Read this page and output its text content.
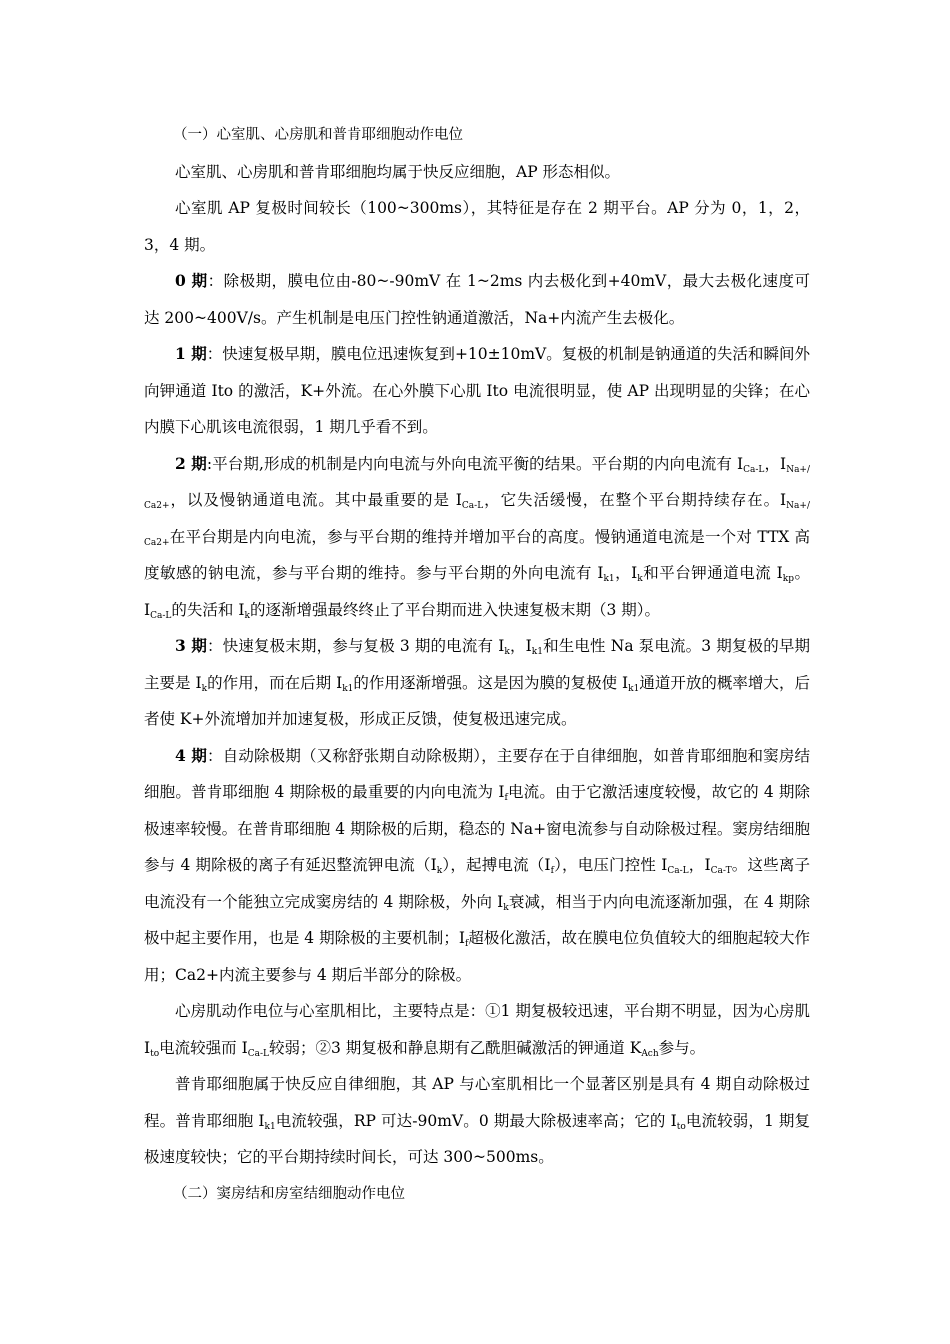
（一）心室肌、心房肌和普肯耶细胞动作电位

心室肌、心房肌和普肯耶细胞均属于快反应细胞，AP 形态相似。

心室肌 AP 复极时间较长（100~300ms），其特征是存在 2 期平台。AP 分为 0，1，2，3，4 期。

0 期：除极期，膜电位由-80~-90mV 在 1~2ms 内去极化到+40mV，最大去极化速度可达 200~400V/s。产生机制是电压门控性钠通道激活，Na+内流产生去极化。

1 期：快速复极早期，膜电位迅速恢复到+10±10mV。复极的机制是钠通道的失活和瞬间外向钾通道 Ito 的激活，K+外流。在心外膜下心肌 Ito 电流很明显，使 AP 出现明显的尖锋；在心内膜下心肌该电流很弱，1 期几乎看不到。

2 期:平台期,形成的机制是内向电流与外向电流平衡的结果。平台期的内向电流有 $I_{Ca-L}$，$I_{Na+/ Ca2+}$，以及慢钠通道电流。其中最重要的是 $I_{Ca-L}$，它失活缓慢，在整个平台期持续存在。$I_{Na+/ Ca2+}$在平台期是内向电流，参与平台期的维持并增加平台的高度。慢钠通道电流是一个对 TTX 高度敏感的钠电流，参与平台期的维持。参与平台期的外向电流有 $I_{k1}$，$I_k$和平台钾通道电流 $I_{kp}$。$I_{Ca-L}$的失活和 $I_k$的逐渐增强最终终止了平台期而进入快速复极末期（3 期）。

3 期：快速复极末期，参与复极 3 期的电流有 $I_k$，$I_{k1}$和生电性 Na 泵电流。3 期复极的早期主要是 $I_k$的作用，而在后期 $I_{k1}$的作用逐渐增强。这是因为膜的复极使 $I_{k1}$通道开放的概率增大，后者使 K+外流增加并加速复极，形成正反馈，使复极迅速完成。

4 期：自动除极期（又称舒张期自动除极期），主要存在于自律细胞，如普肯耶细胞和窦房结细胞。普肯耶细胞 4 期除极的最重要的内向电流为 $I_f$电流。由于它激活速度较慢，故它的 4 期除极速率较慢。在普肯耶细胞 4 期除极的后期，稳态的 Na+窗电流参与自动除极过程。窦房结细胞参与 4 期除极的离子有延迟整流钾电流$(I_k)$，起搏电流$(I_f)$，电压门控性 $I_{Ca-L}$，$I_{Ca-T}$。这些离子电流没有一个能独立完成窦房结的 4 期除极，外向 $I_k$衰减，相当于内向电流逐渐加强，在 4 期除极中起主要作用，也是 4 期除极的主要机制；$I_f$超极化激活，故在膜电位负值较大的细胞起较大作用；Ca2+内流主要参与 4 期后半部分的除极。

心房肌动作电位与心室肌相比，主要特点是：①1 期复极较迅速，平台期不明显，因为心房肌 $I_{to}$电流较强而 $I_{Ca-L}$较弱；②3 期复极和静息期有乙酰胆碱激活的钾通道 $K_{Ach}$参与。

普肯耶细胞属于快反应自律细胞，其 AP 与心室肌相比一个显著区别是具有 4 期自动除极过程。普肯耶细胞 $I_{k1}$电流较强，RP 可达-90mV。0 期最大除极速率高；它的 $I_{to}$电流较弱，1 期复极速度较快；它的平台期持续时间长，可达 300~500ms。

（二）窦房结和房室结细胞动作电位
